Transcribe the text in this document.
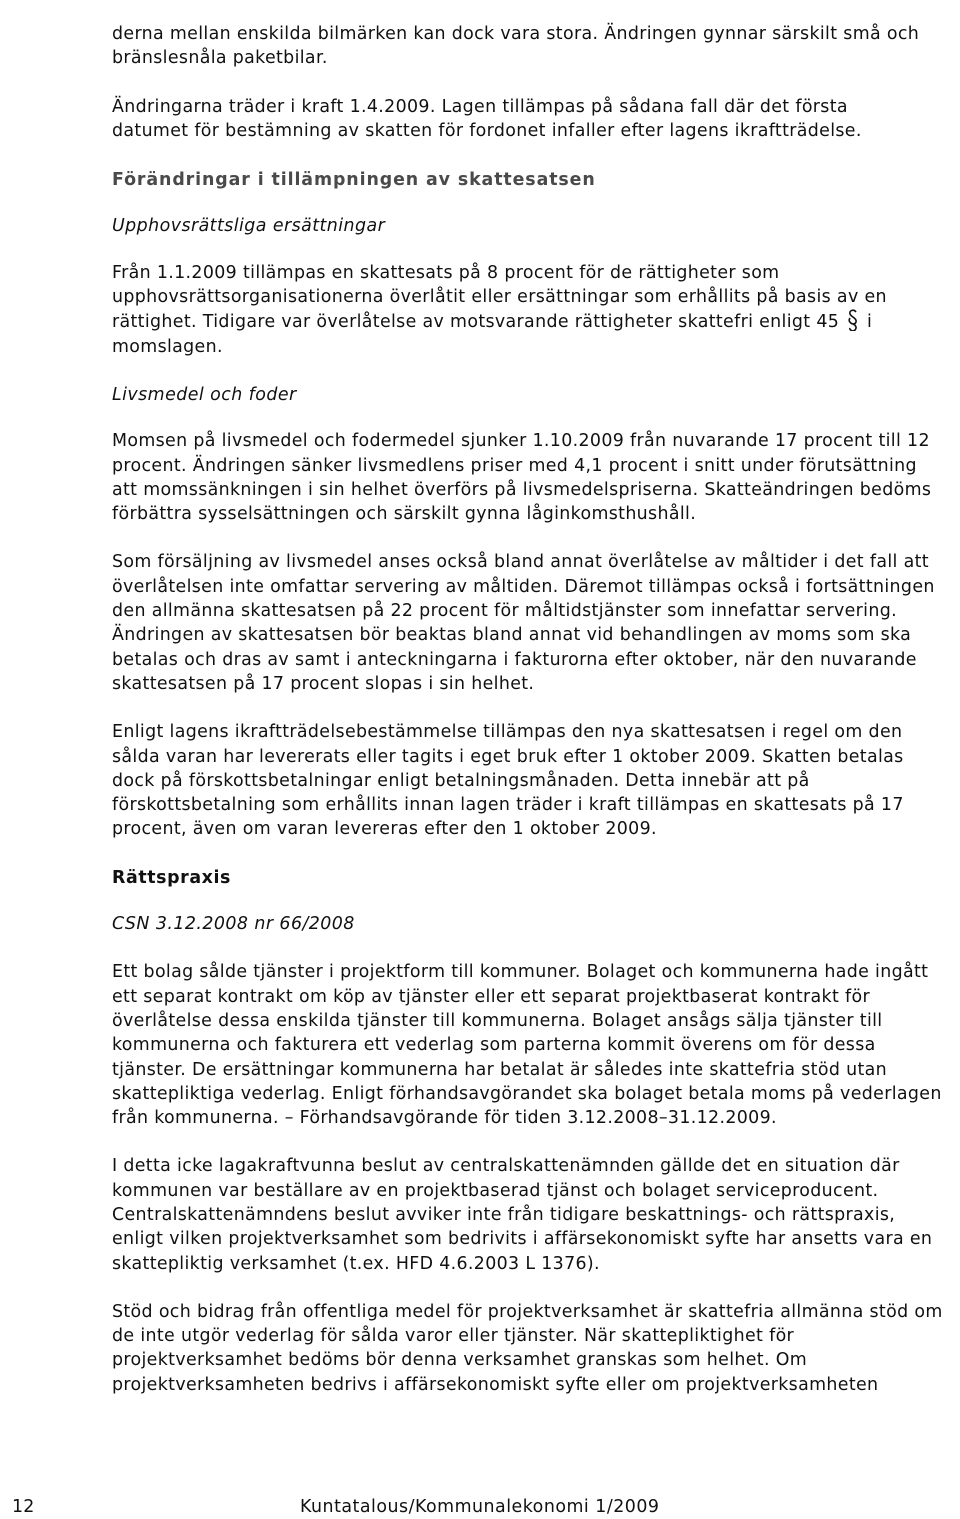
derna mellan enskilda bilmärken kan dock vara stora. Ändringen gynnar särskilt små och bränslesnåla paketbilar.

Ändringarna träder i kraft 1.4.2009. Lagen tillämpas på sådana fall där det första datumet för bestämning av skatten för fordonet infaller efter lagens ikraftträdelse.

Förändringar i tillämpningen av skattesatsen
Upphovsrättsliga ersättningar

Från 1.1.2009 tillämpas en skattesats på 8 procent för de rättigheter som upphovsrättsorganisationerna överlåtit eller ersättningar som erhållits på basis av en rättighet. Tidigare var överlåtelse av motsvarande rättigheter skattefri enligt 45 i momslagen.

Livsmedel och foder

Momsen på livsmedel och fodermedel sjunker 1.10.2009 från nuvarande 17 procent till 12 procent. Ändringen sänker livsmedlens priser med 4,1 procent i snitt under förutsättning att momssänkningen i sin helhet överförs på livsmedelspriserna. Skatteändringen bedöms förbättra sysselsättningen och särskilt gynna låginkomsthushåll.

Som försäljning av livsmedel anses också bland annat överlåtelse av måltider i det fall att överlåtelsen inte omfattar servering av måltiden. Däremot tillämpas också i fortsättningen den allmänna skattesatsen på 22 procent för måltidstjänster som innefattar servering. Ändringen av skattesatsen bör beaktas bland annat vid behandlingen av moms som ska betalas och dras av samt i anteckningarna i fakturorna efter oktober, när den nuvarande skattesatsen på 17 procent slopas i sin helhet.

Enligt lagens ikraftträdelsebestämmelse tillämpas den nya skattesatsen i regel om den sålda varan har levererats eller tagits i eget bruk efter 1 oktober 2009. Skatten betalas dock på förskottsbetalningar enligt betalningsmånaden. Detta innebär att på förskottsbetalning som erhållits innan lagen träder i kraft tillämpas en skattesats på 17 procent, även om varan levereras efter den 1 oktober 2009.

Rättspraxis
CSN 3.12.2008 nr 66/2008

Ett bolag sålde tjänster i projektform till kommuner. Bolaget och kommunerna hade ingått ett separat kontrakt om köp av tjänster eller ett separat projektbaserat kontrakt för överlåtelse dessa enskilda tjänster till kommunerna. Bolaget ansågs sälja tjänster till kommunerna och fakturera ett vederlag som parterna kommit överens om för dessa tjänster. De ersättningar kommunerna har betalat är således inte skattefria stöd utan skattepliktiga vederlag. Enligt förhandsavgörandet ska bolaget betala moms på vederlagen från kommunerna. – Förhandsavgörande för tiden 3.12.2008–31.12.2009.

I detta icke lagakraftvunna beslut av centralskattenämnden gällde det en situation där kommunen var beställare av en projektbaserad tjänst och bolaget serviceproducent. Centralskattenämndens beslut avviker inte från tidigare beskattnings- och rättspraxis, enligt vilken projektverksamhet som bedrivits i affärsekonomiskt syfte har ansetts vara en skattepliktig verksamhet (t.ex. HFD 4.6.2003 L 1376).

Stöd och bidrag från offentliga medel för projektverksamhet är skattefria allmänna stöd om de inte utgör vederlag för sålda varor eller tjänster. När skattepliktighet för projektverksamhet bedöms bör denna verksamhet granskas som helhet. Om projektverksamheten bedrivs i affärsekonomiskt syfte eller om projektverksamheten

12	Kuntatalous/Kommunalekonomi 1/2009
